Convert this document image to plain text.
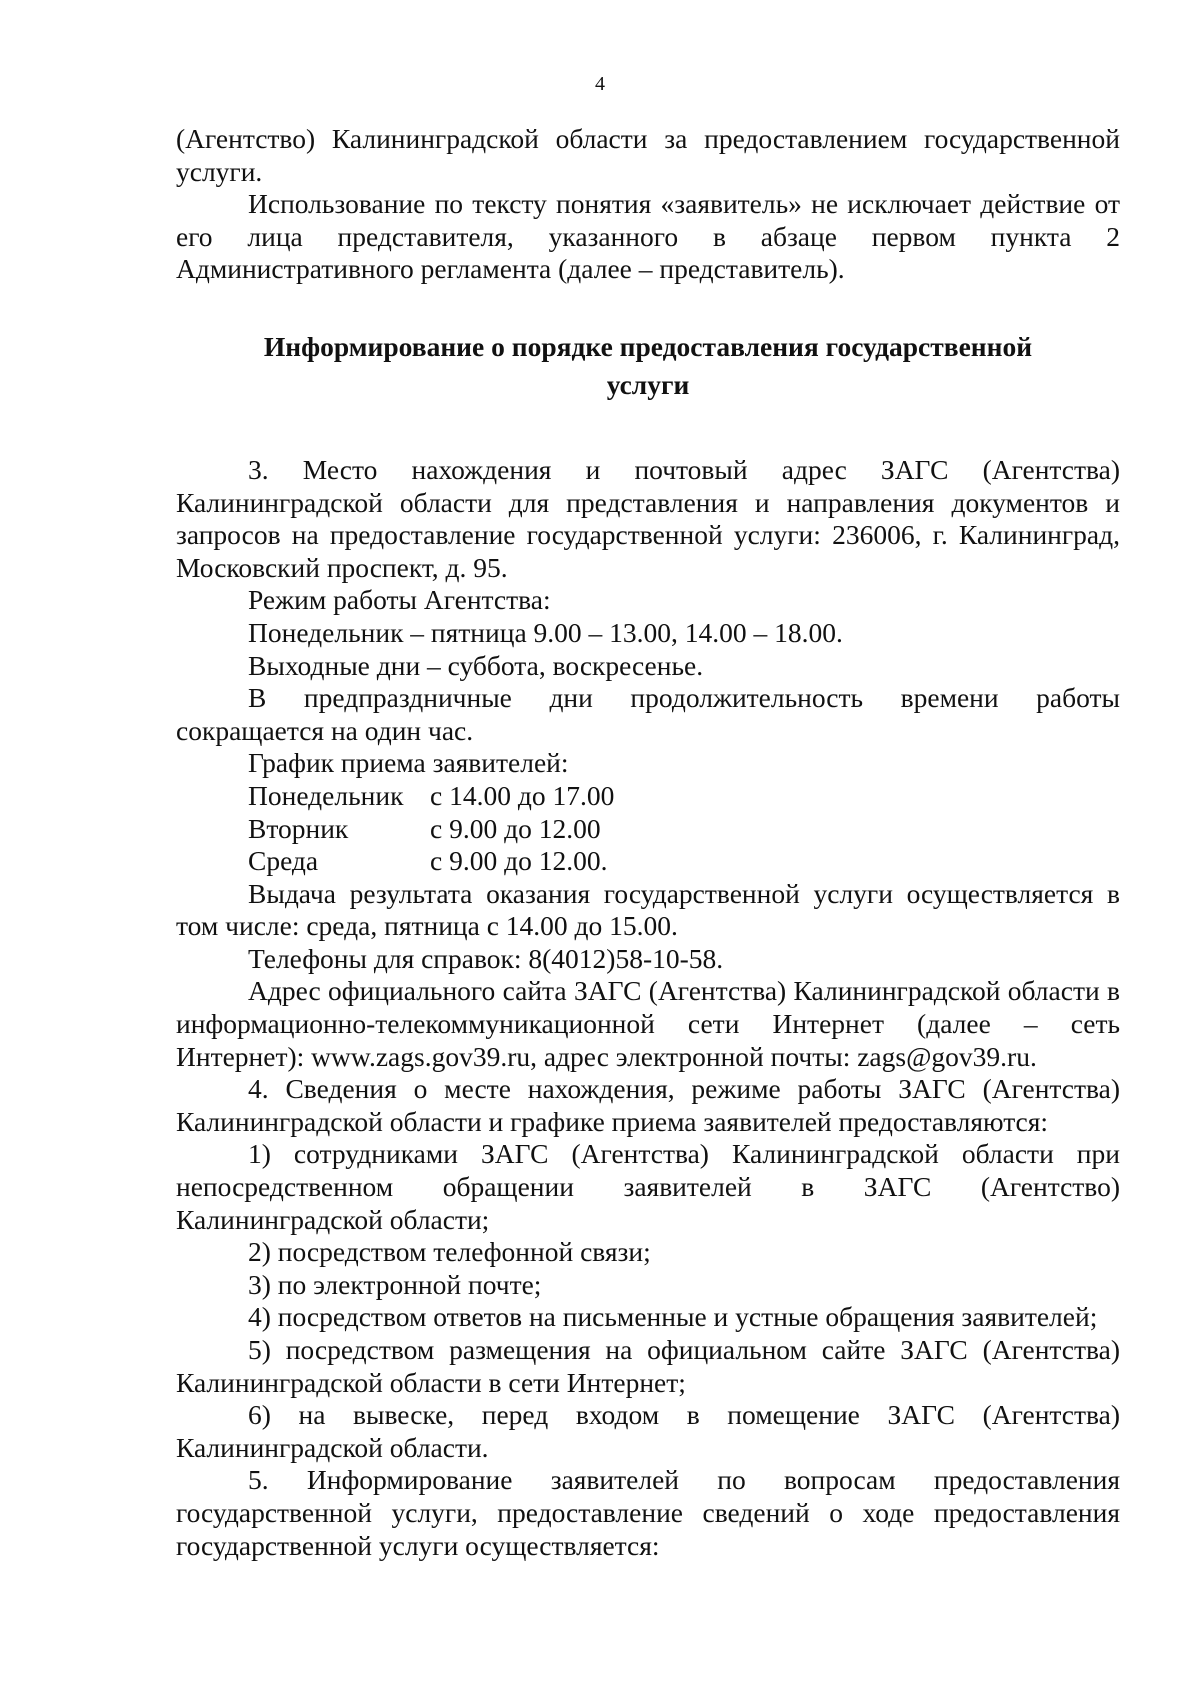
4

(Агентство) Калининградской области за предоставлением государственной услуги.

Использование по тексту понятия «заявитель» не исключает действие от его лица представителя, указанного в абзаце первом пункта 2 Административного регламента (далее – представитель).

Информирование о порядке предоставления государственной
услуги

3. Место нахождения и почтовый адрес ЗАГС (Агентства) Калининградской области для представления и направления документов и запросов на предоставление государственной услуги: 236006, г. Калининград, Московский проспект, д. 95.

Режим работы Агентства:

Понедельник – пятница 9.00 – 13.00, 14.00 – 18.00.

Выходные дни – суббота, воскресенье.

В предпраздничные дни продолжительность времени работы сокращается на один час.

График приема заявителей:

Понедельник	с 14.00 до 17.00
Вторник	с 9.00 до 12.00
Среда	с 9.00 до 12.00.

Выдача результата оказания государственной услуги осуществляется в том числе: среда, пятница с 14.00 до 15.00.

Телефоны для справок: 8(4012)58-10-58.

Адрес официального сайта ЗАГС (Агентства) Калининградской области в информационно-телекоммуникационной сети Интернет (далее – сеть Интернет): www.zags.gov39.ru, адрес электронной почты: zags@gov39.ru.

4. Сведения о месте нахождения, режиме работы ЗАГС (Агентства) Калининградской области и графике приема заявителей предоставляются:

1) сотрудниками ЗАГС (Агентства) Калининградской области при непосредственном обращении заявителей в ЗАГС (Агентство) Калининградской области;

2) посредством телефонной связи;

3) по электронной почте;

4) посредством ответов на письменные и устные обращения заявителей;

5) посредством размещения на официальном сайте ЗАГС (Агентства) Калининградской области в сети Интернет;

6) на вывеске, перед входом в помещение ЗАГС (Агентства) Калининградской области.

5. Информирование заявителей по вопросам предоставления государственной услуги, предоставление сведений о ходе предоставления государственной услуги осуществляется:
